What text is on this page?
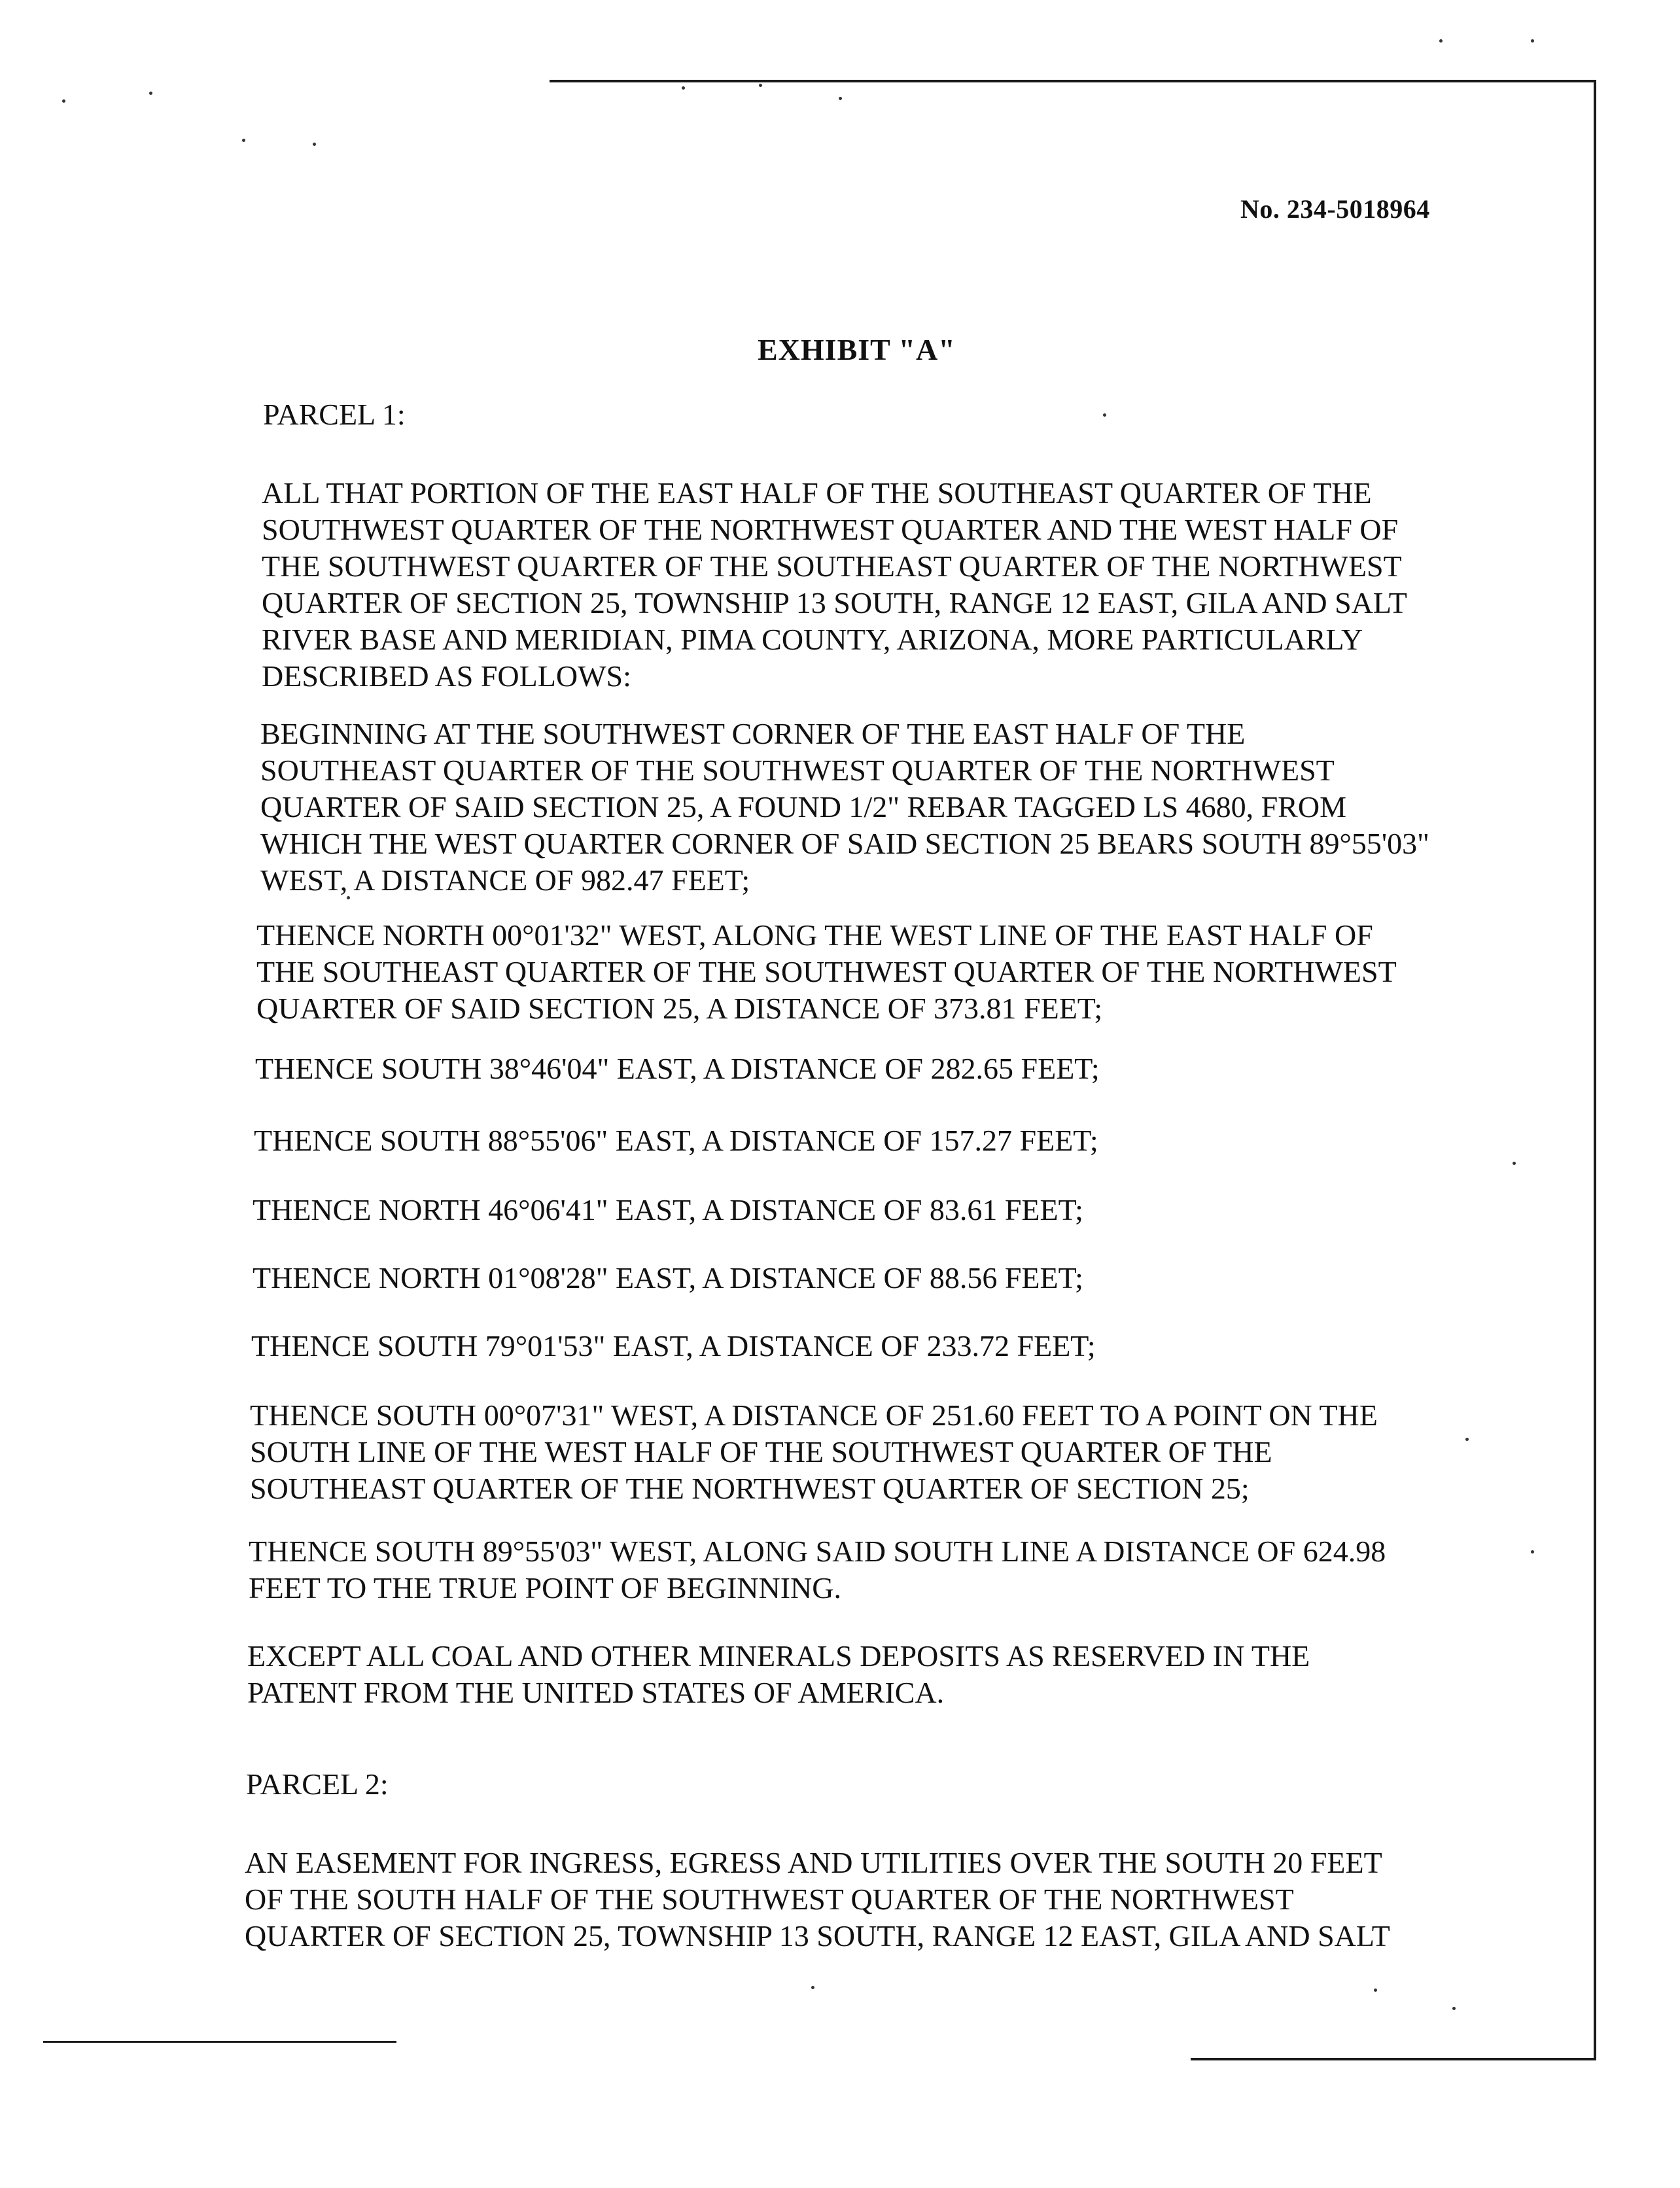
No. 234-5018964
EXHIBIT "A"

PARCEL 1:

ALL THAT PORTION OF THE EAST HALF OF THE SOUTHEAST QUARTER OF THE
SOUTHWEST QUARTER OF THE NORTHWEST QUARTER AND THE WEST HALF OF
THE SOUTHWEST QUARTER OF THE SOUTHEAST QUARTER OF THE NORTHWEST
QUARTER OF SECTION 25, TOWNSHIP 13 SOUTH, RANGE 12 EAST, GILA AND SALT
RIVER BASE AND MERIDIAN, PIMA COUNTY, ARIZONA, MORE PARTICULARLY
DESCRIBED AS FOLLOWS:

BEGINNING AT THE SOUTHWEST CORNER OF THE EAST HALF OF THE
SOUTHEAST QUARTER OF THE SOUTHWEST QUARTER OF THE NORTHWEST
QUARTER OF SAID SECTION 25, A FOUND 1/2" REBAR TAGGED LS 4680, FROM
WHICH THE WEST QUARTER CORNER OF SAID SECTION 25 BEARS SOUTH 89°55'03"
WEST, A DISTANCE OF 982.47 FEET;

THENCE NORTH 00°01'32" WEST, ALONG THE WEST LINE OF THE EAST HALF OF
THE SOUTHEAST QUARTER OF THE SOUTHWEST QUARTER OF THE NORTHWEST
QUARTER OF SAID SECTION 25, A DISTANCE OF 373.81 FEET;

THENCE SOUTH 38°46'04" EAST, A DISTANCE OF 282.65 FEET;

THENCE SOUTH 88°55'06" EAST, A DISTANCE OF 157.27 FEET;

THENCE NORTH 46°06'41" EAST, A DISTANCE OF 83.61 FEET;

THENCE NORTH 01°08'28" EAST, A DISTANCE OF 88.56 FEET;

THENCE SOUTH 79°01'53" EAST, A DISTANCE OF 233.72 FEET;

THENCE SOUTH 00°07'31" WEST, A DISTANCE OF 251.60 FEET TO A POINT ON THE
SOUTH LINE OF THE WEST HALF OF THE SOUTHWEST QUARTER OF THE
SOUTHEAST QUARTER OF THE NORTHWEST QUARTER OF SECTION 25;

THENCE SOUTH 89°55'03" WEST, ALONG SAID SOUTH LINE A DISTANCE OF 624.98
FEET TO THE TRUE POINT OF BEGINNING.

EXCEPT ALL COAL AND OTHER MINERALS DEPOSITS AS RESERVED IN THE
PATENT FROM THE UNITED STATES OF AMERICA.

PARCEL 2:

AN EASEMENT FOR INGRESS, EGRESS AND UTILITIES OVER THE SOUTH 20 FEET
OF THE SOUTH HALF OF THE SOUTHWEST QUARTER OF THE NORTHWEST
QUARTER OF SECTION 25, TOWNSHIP 13 SOUTH, RANGE 12 EAST, GILA AND SALT
